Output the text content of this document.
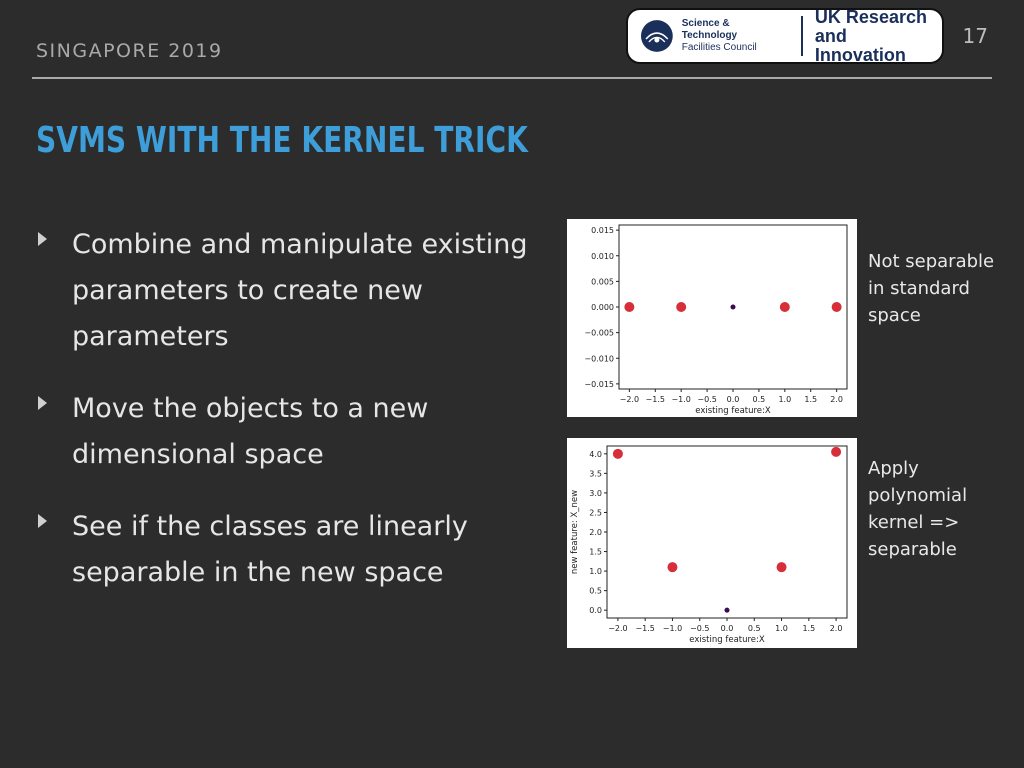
SINGAPORE 2019
17
Science & Technology
Facilities Council
UK Research
and Innovation
SVMS WITH THE KERNEL TRICK
Combine and manipulate existing parameters to create new parameters
Move the objects to a new dimensional space
See if the classes are linearly separable in the new space
−2.0 −1.5 −1.0 −0.5 0.0 0.5 1.0 1.5 2.0
0.015
0.010
0.005
0.000
−0.005
−0.010
−0.015
existing feature:X
−2.0 −1.5 −1.0 −0.5 0.0 0.5 1.0 1.5 2.0
4.0
3.5
3.0
2.5
2.0
1.5
1.0
0.5
0.0
existing feature:X
new feature: X_new
Not separable in standard space
Apply polynomial kernel => separable
